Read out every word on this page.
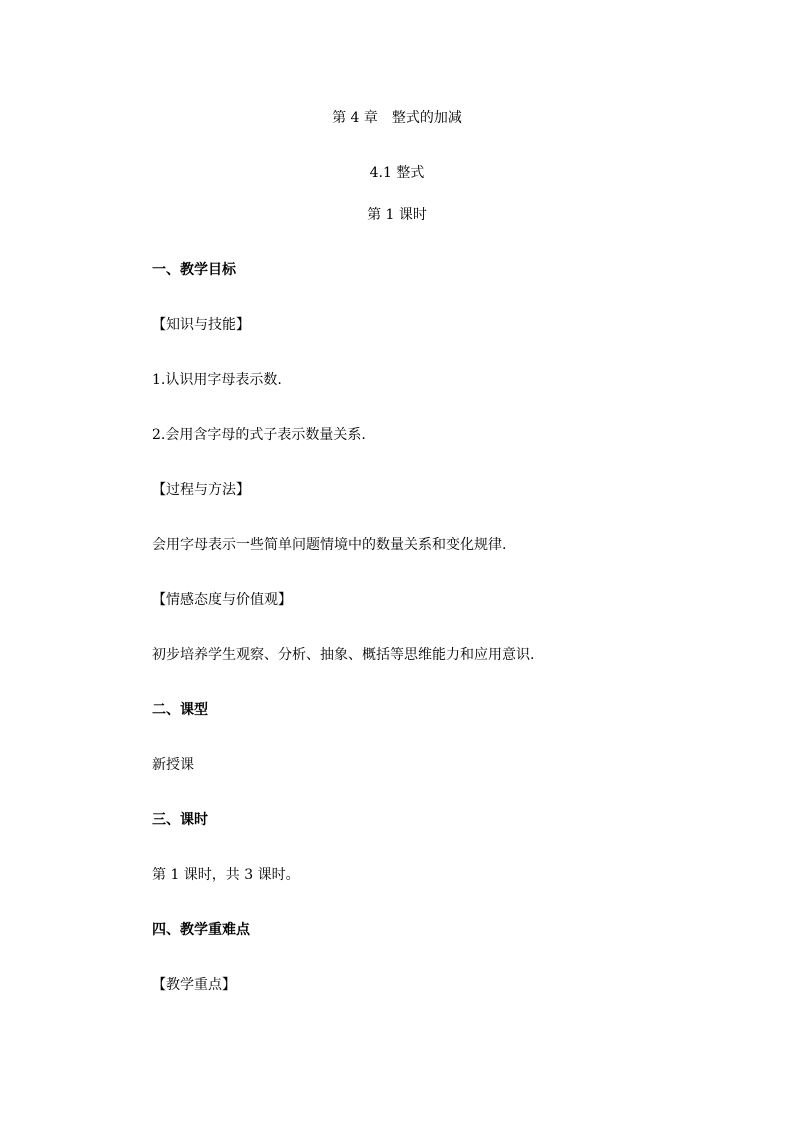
第 4 章　整式的加减
4.1 整式
第 1 课时
一、教学目标
【知识与技能】
1.认识用字母表示数.
2.会用含字母的式子表示数量关系.
【过程与方法】
会用字母表示一些简单问题情境中的数量关系和变化规律.
【情感态度与价值观】
初步培养学生观察、分析、抽象、概括等思维能力和应用意识.
二、课型
新授课
三、课时
第 1 课时，共 3 课时。
四、教学重难点
【教学重点】
